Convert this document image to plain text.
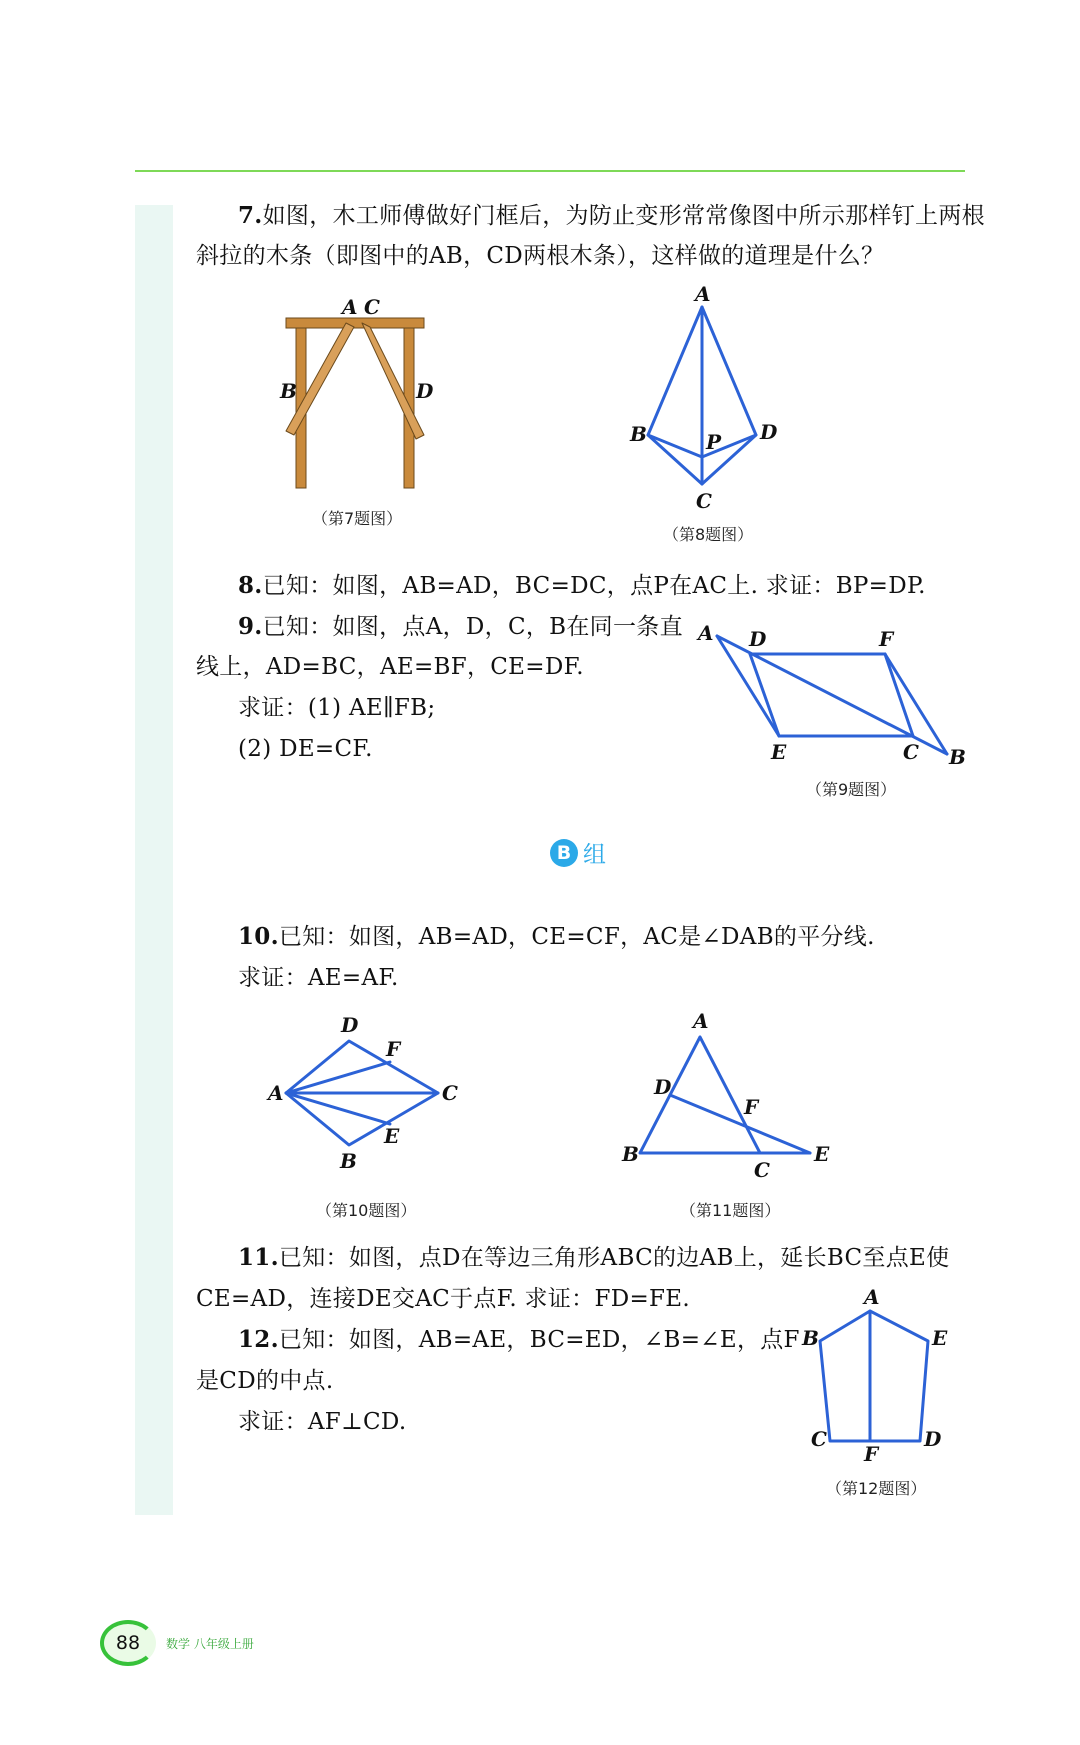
7.如图，木工师傅做好门框后，为防止变形常常像图中所示那样钉上两根
斜拉的木条（即图中的AB，CD两根木条），这样做的道理是什么？
A C
B	D
（第7题图）
A
B	P D
C
（第8题图）
8.已知：如图，AB=AD，BC=DC，点P在AC上. 求证：BP=DP.
9.已知：如图，点A，D，C，B在同一条直
线上，AD=BC，AE=BF，CE=DF.
求证：(1) AE∥FB;
(2) DE=CF.
A D	F
E	C B
（第9题图）
B 组
10.已知：如图，AB=AD，CE=CF，AC是∠DAB的平分线.
求证：AE=AF.
D
F
A	C
E
B
（第10题图）
A
D
F
B
C
E
（第11题图）
11.已知：如图，点D在等边三角形ABC的边AB上，延长BC至点E使
CE=AD，连接DE交AC于点F. 求证：FD=FE.
12.已知：如图，AB=AE，BC=ED，∠B=∠E，点F
是CD的中点.
求证：AF⊥CD.
A
B	E
C
F
D
（第12题图）
88	数学 八年级上册
